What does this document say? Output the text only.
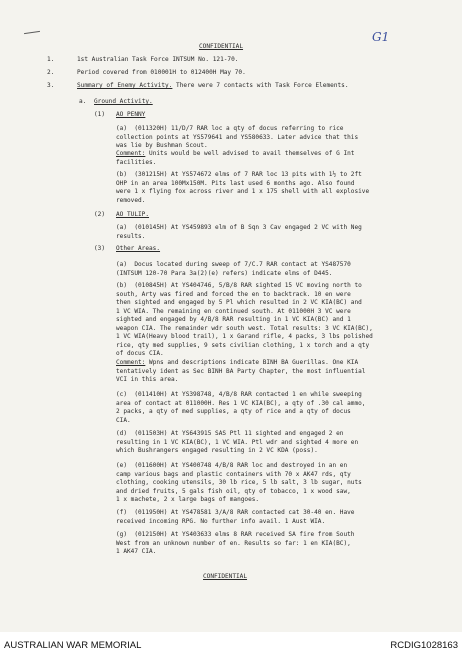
G1
CONFIDENTIAL
1.	1st Australian Task Force INTSUM No. 121-70.
2.	Period covered from 010001H to 012400H May 70.
3.	Summary of Enemy Activity. There were 7 contacts with Task Force Elements.
a. Ground Activity.
(1) AO PENNY
(a)  (011320H) 11/D/7 RAR loc a qty of docus referring to rice
collection points at YS579641 and YS580633. Later advice that this
was lie by Bushman Scout.
Comment: Units would be well advised to avail themselves of G Int
facilities.
(b)  (301215H) At YS574672 elms of 7 RAR loc 13 pits with 1½ to 2ft
OHP in an area 100Mx150M. Pits last used 6 months ago. Also found
were 1 x flying fox across river and 1 x 175 shell with all explosive
removed.
(2) AO TULIP.
(a)  (010145H) At YS459893 elm of B Sqn 3 Cav engaged 2 VC with Neg
results.
(3) Other Areas.
(a)  Docus located during sweep of 7/C.7 RAR contact at YS487570
(INTSUM 120-70 Para 3a(2)(e) refers) indicate elms of D445.
(b)  (010845H) At YS404746, 5/B/8 RAR sighted 15 VC moving north to
south, Arty was fired and forced the en to backtrack. 10 en were
then sighted and engaged by 5 Pl which resulted in 2 VC KIA(BC) and
1 VC WIA. The remaining en continued south. At 011000H 3 VC were
sighted and engaged by 4/B/8 RAR resulting in 1 VC KIA(BC) and 1
weapon CIA. The remainder wdr south west. Total results: 3 VC KIA(BC),
1 VC WIA(Heavy blood trail), 1 x Garand rifle, 4 packs, 3 lbs polished
rice, qty med supplies, 9 sets civilian clothing, 1 x torch and a qty
of docus CIA.
Comment: Wpns and descriptions indicate BINH BA Guerillas. One KIA
tentatively ident as Sec BINH BA Party Chapter, the most influential
VCI in this area.
(c)  (011410H) At YS398748, 4/B/8 RAR contacted 1 en while sweeping
area of contact at 011000H. Res 1 VC KIA(BC), a qty of .30 cal ammo,
2 packs, a qty of med supplies, a qty of rice and a qty of docus
CIA.
(d)  (011503H) At YS643915 SAS Ptl 11 sighted and engaged 2 en
resulting in 1 VC KIA(BC), 1 VC WIA. Ptl wdr and sighted 4 more en
which Bushrangers engaged resulting in 2 VC KDA (poss).
(e)  (011600H) At YS400748 4/B/8 RAR loc and destroyed in an en
camp various bags and plastic containers with 70 x AK47 rds, qty
clothing, cooking utensils, 30 lb rice, 5 lb salt, 3 lb sugar, nuts
and dried fruits, 5 gals fish oil, qty of tobacco, 1 x wood saw,
1 x machete, 2 x large bags of mangoes.
(f)  (011950H) At YS478581 3/A/8 RAR contacted cat 30-40 en. Have
received incoming RPG. No further info avail. 1 Aust WIA.
(g)  (012150H) At YS403633 elms 8 RAR received SA fire from South
West from an unknown number of en. Results so far: 1 en KIA(BC),
1 AK47 CIA.
CONFIDENTIAL
AUSTRALIAN WAR MEMORIAL	RCDIG1028163
